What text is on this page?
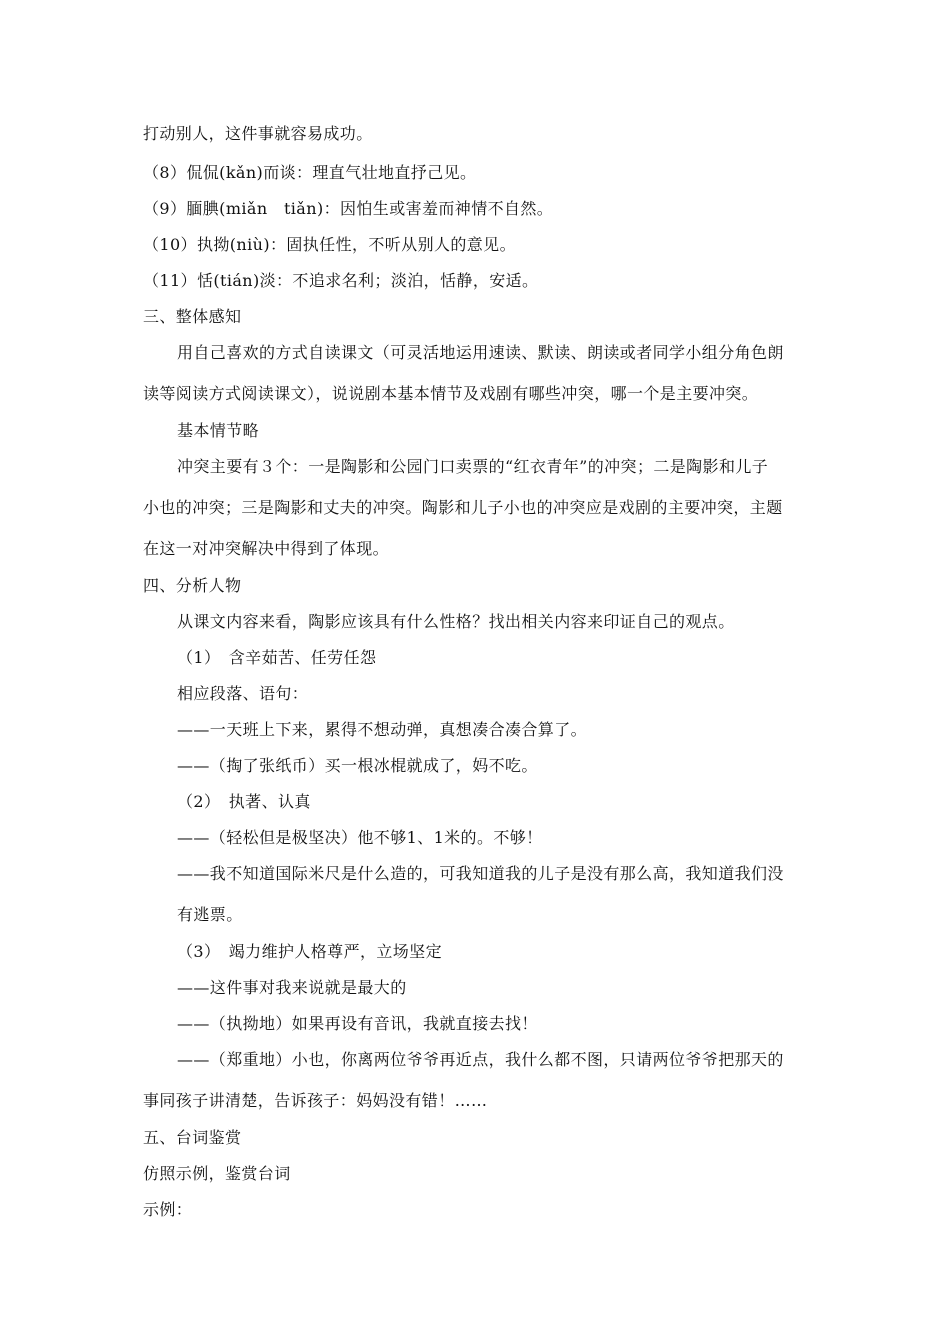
打动别人，这件事就容易成功。
（8）侃侃(kǎn)而谈：理直气壮地直抒己见。
（9）腼腆(miǎn　tiǎn)：因怕生或害羞而神情不自然。
（10）执拗(niù)：固执任性，不听从别人的意见。
（11）恬(tián)淡：不追求名利；淡泊，恬静，安适。
三、整体感知
用自己喜欢的方式自读课文（可灵活地运用速读、默读、朗读或者同学小组分角色朗
读等阅读方式阅读课文），说说剧本基本情节及戏剧有哪些冲突，哪一个是主要冲突。
基本情节略
冲突主要有３个：一是陶影和公园门口卖票的“红衣青年”的冲突；二是陶影和儿子
小也的冲突；三是陶影和丈夫的冲突。陶影和儿子小也的冲突应是戏剧的主要冲突，主题
在这一对冲突解决中得到了体现。
四、分析人物
从课文内容来看，陶影应该具有什么性格？找出相关内容来印证自己的观点。
（1）　含辛茹苦、任劳任怨
相应段落、语句：
——一天班上下来，累得不想动弹，真想凑合凑合算了。
——（掏了张纸币）买一根冰棍就成了，妈不吃。
（2）　执著、认真
——（轻松但是极坚决）他不够1、1米的。不够！
——我不知道国际米尺是什么造的，可我知道我的儿子是没有那么高，我知道我们没
有逃票。
（3）　竭力维护人格尊严，立场坚定
——这件事对我来说就是最大的
——（执拗地）如果再设有音讯，我就直接去找！
——（郑重地）小也，你离两位爷爷再近点，我什么都不图，只请两位爷爷把那天的
事同孩子讲清楚，告诉孩子：妈妈没有错！……
五、台词鉴赏
仿照示例，鉴赏台词
示例：
